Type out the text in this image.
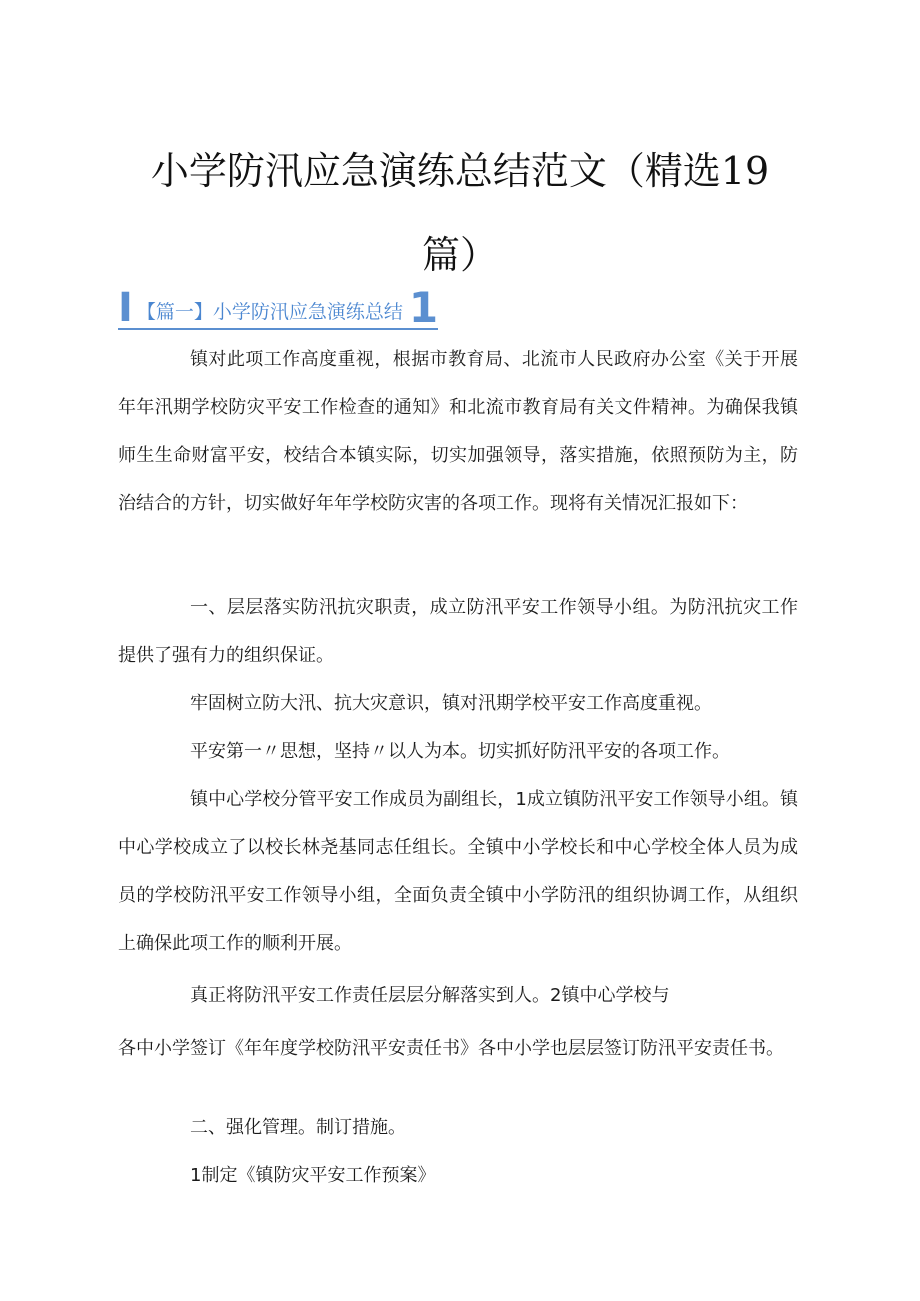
小学防汛应急演练总结范文（精选19
篇）
I 【篇一】小学防汛应急演练总结 1

镇对此项工作高度重视，根据市教育局、北流市人民政府办公室《关于开展年年汛期学校防灾平安工作检查的通知》和北流市教育局有关文件精神。为确保我镇师生生命财富平安，校结合本镇实际，切实加强领导，落实措施，依照预防为主，防治结合的方针，切实做好年年学校防灾害的各项工作。现将有关情况汇报如下：

一、层层落实防汛抗灾职责，成立防汛平安工作领导小组。为防汛抗灾工作提供了强有力的组织保证。

牢固树立防大汛、抗大灾意识，镇对汛期学校平安工作高度重视。

平安第一〃思想，坚持〃以人为本。切实抓好防汛平安的各项工作。

镇中心学校分管平安工作成员为副组长，1成立镇防汛平安工作领导小组。镇中心学校成立了以校长林尧基同志任组长。全镇中小学校长和中心学校全体人员为成员的学校防汛平安工作领导小组，全面负责全镇中小学防汛的组织协调工作，从组织上确保此项工作的顺利开展。

真正将防汛平安工作责任层层分解落实到人。2镇中心学校与

各中小学签订《年年度学校防汛平安责任书》各中小学也层层签订防汛平安责任书。

二、强化管理。制订措施。

1制定《镇防灾平安工作预案》
